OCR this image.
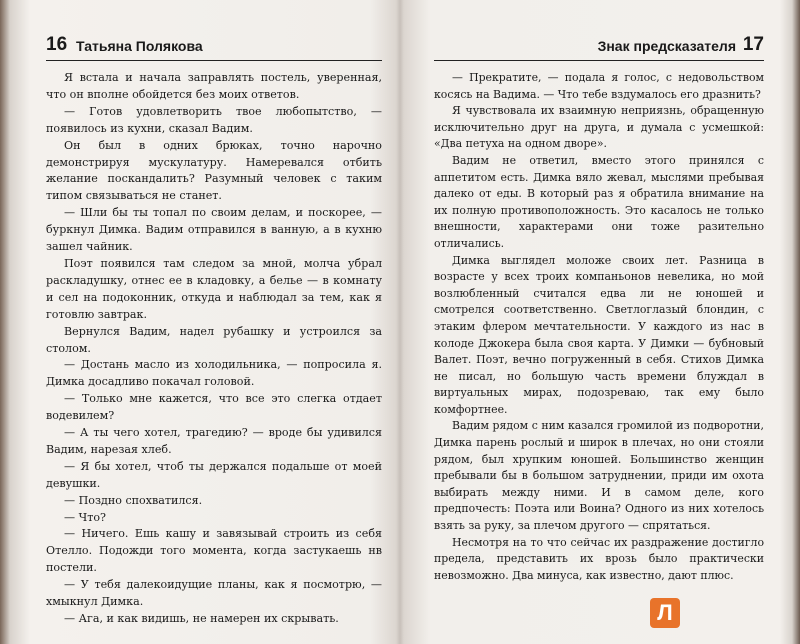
16 Татьяна Полякова

Я встала и начала заправлять постель, уверенная, что он вполне обойдется без моих ответов.

— Готов удовлетворить твое любопытство, — появилось из кухни, сказал Вадим.

Он был в одних брюках, точно нарочно демонстрируя мускулатуру. Намеревался отбить желание поскандалить? Разумный человек с таким типом связываться не станет.

— Шли бы ты топал по своим делам, и поскорее, — буркнул Димка. Вадим отправился в ванную, а в кухню зашел чайник.

Поэт появился там следом за мной, молча убрал раскладушку, отнес ее в кладовку, а белье — в комнату и сел на подоконник, откуда и наблюдал за тем, как я готовлю завтрак.

Вернулся Вадим, надел рубашку и устроился за столом.

— Достань масло из холодильника, — попросила я. Димка досадливо покачал головой.

— Только мне кажется, что все это слегка отдает водевилем?

— А ты чего хотел, трагедию? — вроде бы удивился Вадим, нарезая хлеб.

— Я бы хотел, чтоб ты держался подальше от моей девушки.

— Поздно спохватился.

— Что?

— Ничего. Ешь кашу и завязывай строить из себя Отелло. Подожди того момента, когда застукаешь нв постели.

— У тебя далекоидущие планы, как я посмотрю, — хмыкнул Димка.

— Ага, и как видишь, не намерен их скрывать.

Знак предсказателя 17

— Прекратите, — подала я голос, с недовольством косясь на Вадима. — Что тебе вздумалось его дразнить?

Я чувствовала их взаимную неприязнь, обращенную исключительно друг на друга, и думала с усмешкой: «Два петуха на одном дворе».

Вадим не ответил, вместо этого принялся с аппетитом есть. Димка вяло жевал, мыслями пребывая далеко от еды. В который раз я обратила внимание на их полную противоположность. Это касалось не только внешности, характерами они тоже разительно отличались.

Димка выглядел моложе своих лет. Разница в возрасте у всех троих компаньонов невелика, но мой возлюбленный считался едва ли не юношей и смотрелся соответственно. Светлоглазый блондин, с этаким флером мечтательности. У каждого из нас в колоде Джокера была своя карта. У Димки — бубновый Валет. Поэт, вечно погруженный в себя. Стихов Димка не писал, но большую часть времени блуждал в виртуальных мирах, подозреваю, так ему было комфортнее.

Вадим рядом с ним казался громилой из подворотни, Димка парень рослый и широк в плечах, но они стояли рядом, был хрупким юношей. Большинство женщин пребывали бы в большом затруднении, приди им охота выбирать между ними. И в самом деле, кого предпочесть: Поэта или Воина? Одного из них хотелось взять за руку, за плечом другого — спрятаться.

Несмотря на то что сейчас их раздражение достигло предела, представить их врозь было практически невозможно. Два минуса, как известно, дают плюс.

Л
